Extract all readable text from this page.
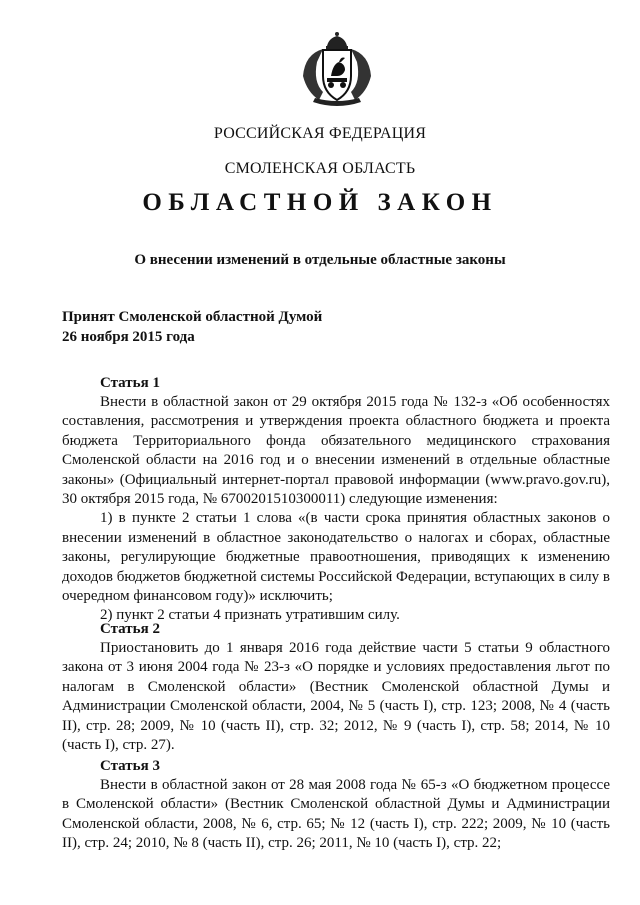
РОССИЙСКАЯ ФЕДЕРАЦИЯ
СМОЛЕНСКАЯ ОБЛАСТЬ
ОБЛАСТНОЙ ЗАКОН
О внесении изменений в отдельные областные законы
Принят Смоленской областной Думой
26 ноября 2015 года
Статья 1

Внести в областной закон от 29 октября 2015 года № 132-з «Об особенностях составления, рассмотрения и утверждения проекта областного бюджета и проекта бюджета Территориального фонда обязательного медицинского страхования Смоленской области на 2016 год и о внесении изменений в отдельные областные законы» (Официальный интернет-портал правовой информации (www.pravo.gov.ru), 30 октября 2015 года, № 6700201510300011) следующие изменения:

1) в пункте 2 статьи 1 слова «(в части срока принятия областных законов о внесении изменений в областное законодательство о налогах и сборах, областные законы, регулирующие бюджетные правоотношения, приводящих к изменению доходов бюджетов бюджетной системы Российской Федерации, вступающих в силу в очередном финансовом году)» исключить;

2) пункт 2 статьи 4 признать утратившим силу.

Статья 2

Приостановить до 1 января 2016 года действие части 5 статьи 9 областного закона от 3 июня 2004 года № 23-з «О порядке и условиях предоставления льгот по налогам в Смоленской области» (Вестник Смоленской областной Думы и Администрации Смоленской области, 2004, № 5 (часть I), стр. 123; 2008, № 4 (часть II), стр. 28; 2009, № 10 (часть II), стр. 32; 2012, № 9 (часть I), стр. 58; 2014, № 10 (часть I), стр. 27).

Статья 3

Внести в областной закон от 28 мая 2008 года № 65-з «О бюджетном процессе в Смоленской области» (Вестник Смоленской областной Думы и Администрации Смоленской области, 2008, № 6, стр. 65; № 12 (часть I), стр. 222; 2009, № 10 (часть II), стр. 24; 2010, № 8 (часть II), стр. 26; 2011, № 10 (часть I), стр. 22;
